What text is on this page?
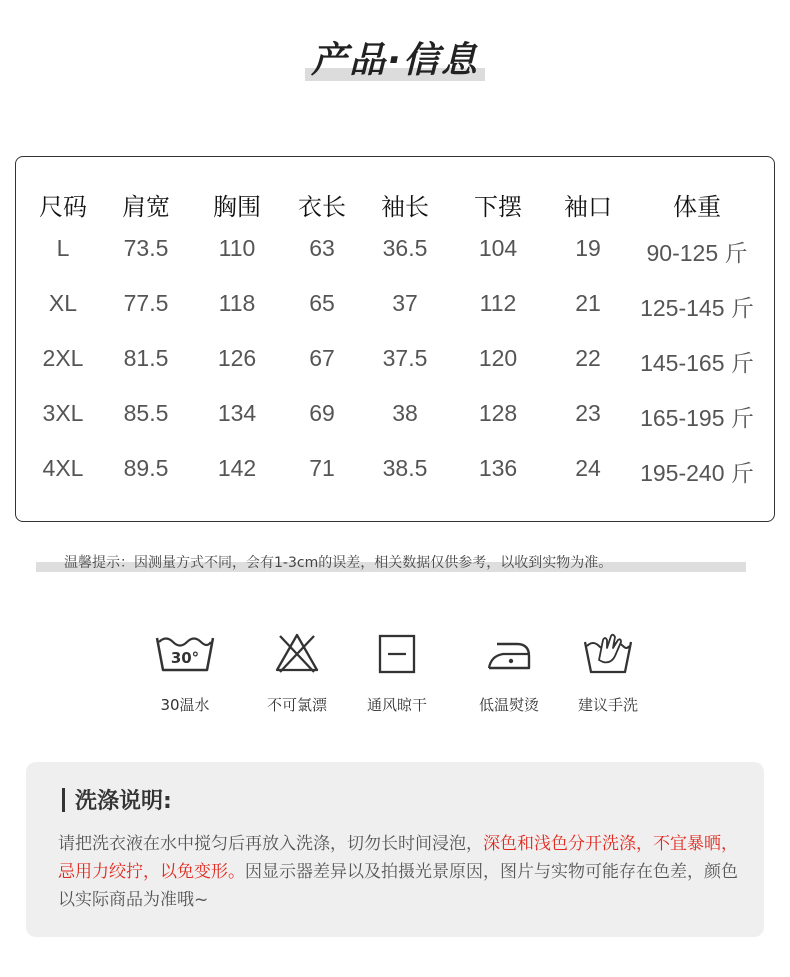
产品·信息
尺码 肩宽 胸围 衣长 袖长 下摆 袖口	体重
L 73.5 110 63 36.5 104	19 90-125 斤
XL 77.5 118 65 37	112	21 125-145 斤
2XL 81.5 126 67 37.5 120	22 145-165 斤
3XL 85.5 134 69 38	128	23 165-195 斤
4XL 89.5 142 71 38.5 136	24 195-240 斤
温馨提示：因测量方式不同，会有1-3cm的误差，相关数据仅供参考，以收到实物为准。
30°
30温水	不可氯漂	通风晾干	低温熨烫	建议手洗
洗涤说明:
请把洗衣液在水中搅匀后再放入洗涤，切勿长时间浸泡，深色和浅色分开洗涤，不宜暴晒，忌用力绞拧，以免变形。因显示器差异以及拍摄光景原因，图片与实物可能存在色差，颜色以实际商品为准哦~
